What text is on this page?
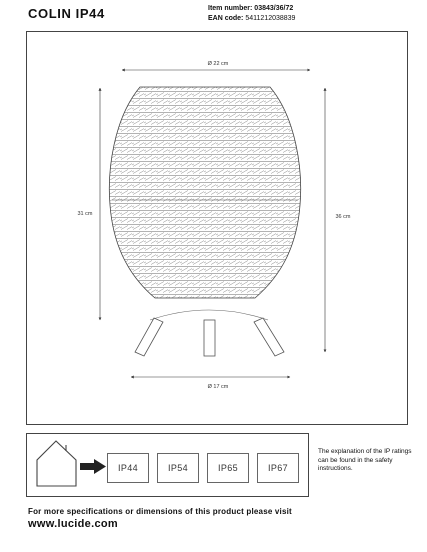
COLIN IP44	Item number: 03843/36/72
EAN code: 5411212038839
Ø 22 cm
Ø 17 cm
31 cm	36 cm
IP44	IP54	IP65	IP67
The explanation of the IP ratings can be found in the safety instructions.
For more specifications or dimensions of this product please visit
www.lucide.com
